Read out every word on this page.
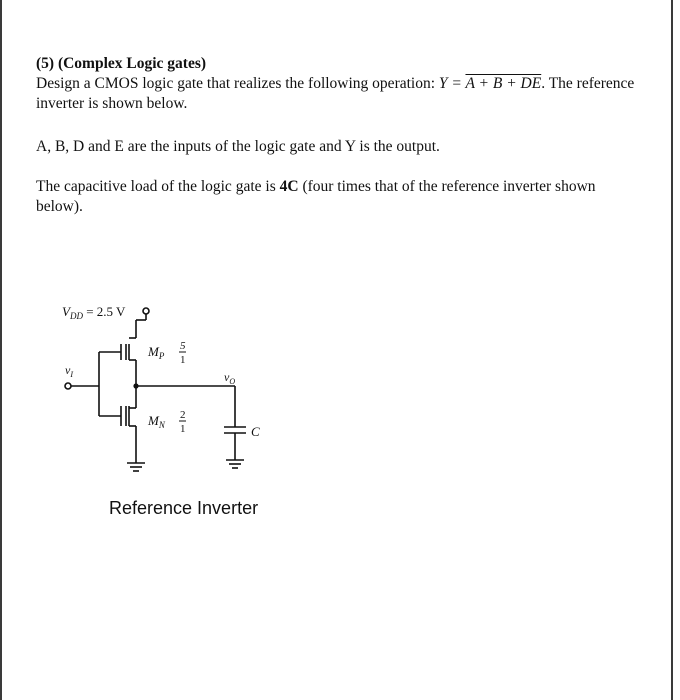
(5) (Complex Logic gates)
Design a CMOS logic gate that realizes the following operation: Y = A + B + DE. The reference inverter is shown below.
A, B, D and E are the inputs of the logic gate and Y is the output.
The capacitive load of the logic gate is 4C (four times that of the reference inverter shown below).
$V_{DD} = 2.5$ V
$M_P$
5
1
$v_I$	$v_O$
$M_N$
2
1	C
Reference Inverter
